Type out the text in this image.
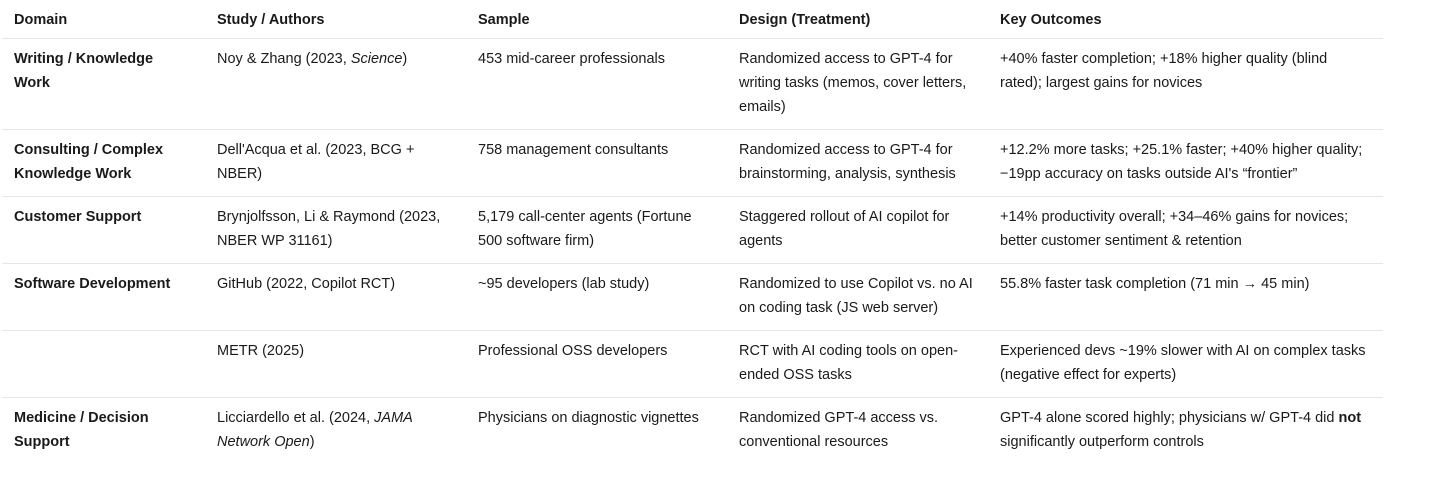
Domain	Study / Authors	Sample	Design (Treatment)	Key Outcomes
Writing / Knowledge Work	Noy & Zhang (2023, Science)	453 mid-career professionals	Randomized access to GPT-4 for writing tasks (memos, cover letters, emails)	+40% faster completion; +18% higher quality (blind rated); largest gains for novices
Consulting / Complex Knowledge Work	Dell'Acqua et al. (2023, BCG + NBER)	758 management consultants	Randomized access to GPT-4 for brainstorming, analysis, synthesis	+12.2% more tasks; +25.1% faster; +40% higher quality; −19pp accuracy on tasks outside AI's “frontier”
Customer Support	Brynjolfsson, Li & Raymond (2023, NBER WP 31161)	5,179 call-center agents (Fortune 500 software firm)	Staggered rollout of AI copilot for agents	+14% productivity overall; +34–46% gains for novices; better customer sentiment & retention
Software Development	GitHub (2022, Copilot RCT)	~95 developers (lab study)	Randomized to use Copilot vs. no AI on coding task (JS web server)	55.8% faster task completion (71 min → 45 min)
	METR (2025)	Professional OSS developers	RCT with AI coding tools on open-ended OSS tasks	Experienced devs ~19% slower with AI on complex tasks (negative effect for experts)
Medicine / Decision Support	Licciardello et al. (2024, JAMA Network Open)	Physicians on diagnostic vignettes	Randomized GPT-4 access vs. conventional resources	GPT-4 alone scored highly; physicians w/ GPT-4 did not significantly outperform controls
